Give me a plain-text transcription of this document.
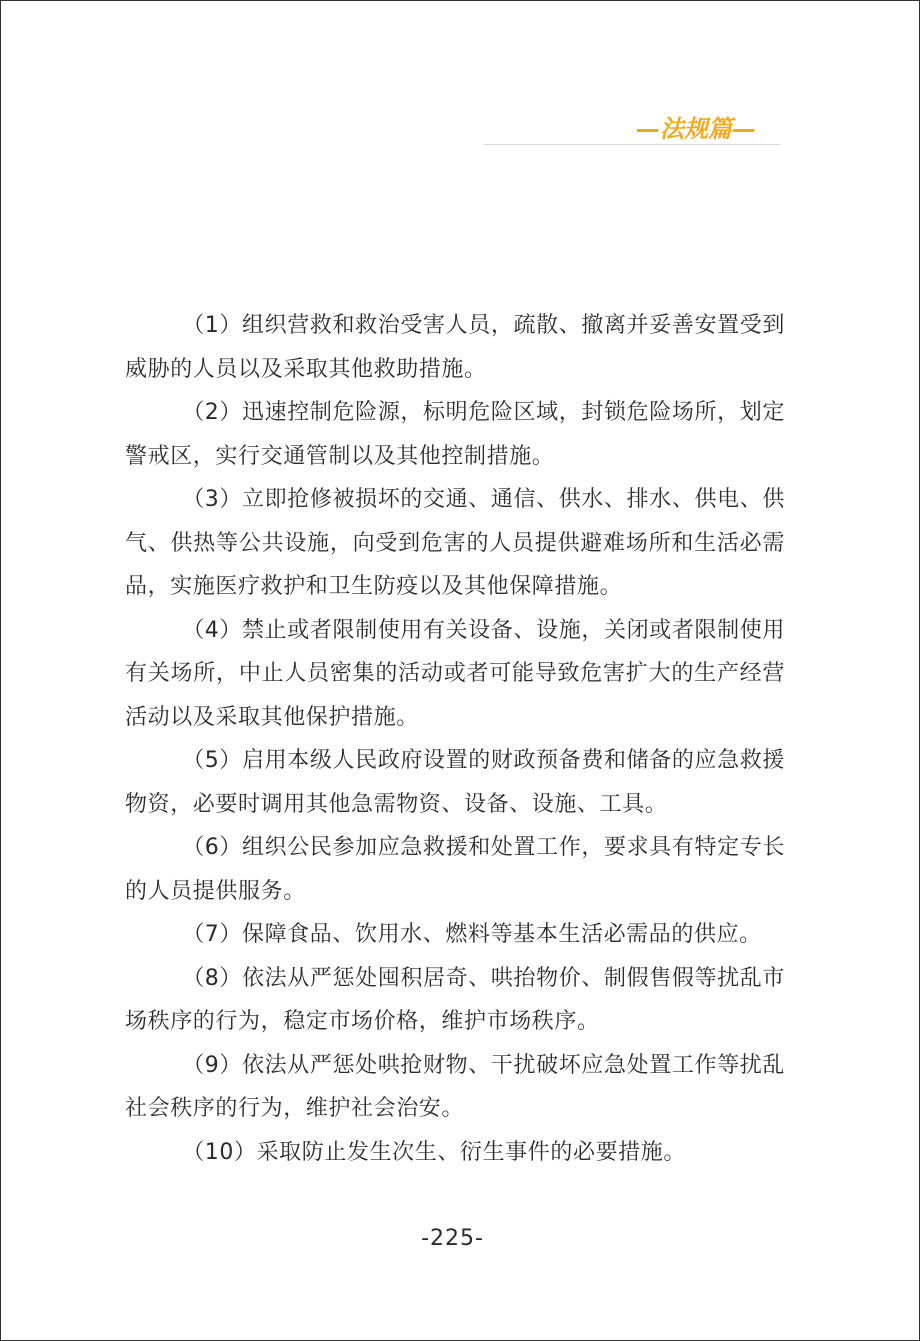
—法规篇—

（1）组织营救和救治受害人员，疏散、撤离并妥善安置受到威胁的人员以及采取其他救助措施。

（2）迅速控制危险源，标明危险区域，封锁危险场所，划定警戒区，实行交通管制以及其他控制措施。

（3）立即抢修被损坏的交通、通信、供水、排水、供电、供气、供热等公共设施，向受到危害的人员提供避难场所和生活必需品，实施医疗救护和卫生防疫以及其他保障措施。

（4）禁止或者限制使用有关设备、设施，关闭或者限制使用有关场所，中止人员密集的活动或者可能导致危害扩大的生产经营活动以及采取其他保护措施。

（5）启用本级人民政府设置的财政预备费和储备的应急救援物资，必要时调用其他急需物资、设备、设施、工具。

（6）组织公民参加应急救援和处置工作，要求具有特定专长的人员提供服务。

（7）保障食品、饮用水、燃料等基本生活必需品的供应。

（8）依法从严惩处囤积居奇、哄抬物价、制假售假等扰乱市场秩序的行为，稳定市场价格，维护市场秩序。

（9）依法从严惩处哄抢财物、干扰破坏应急处置工作等扰乱社会秩序的行为，维护社会治安。

（10）采取防止发生次生、衍生事件的必要措施。

-225-
